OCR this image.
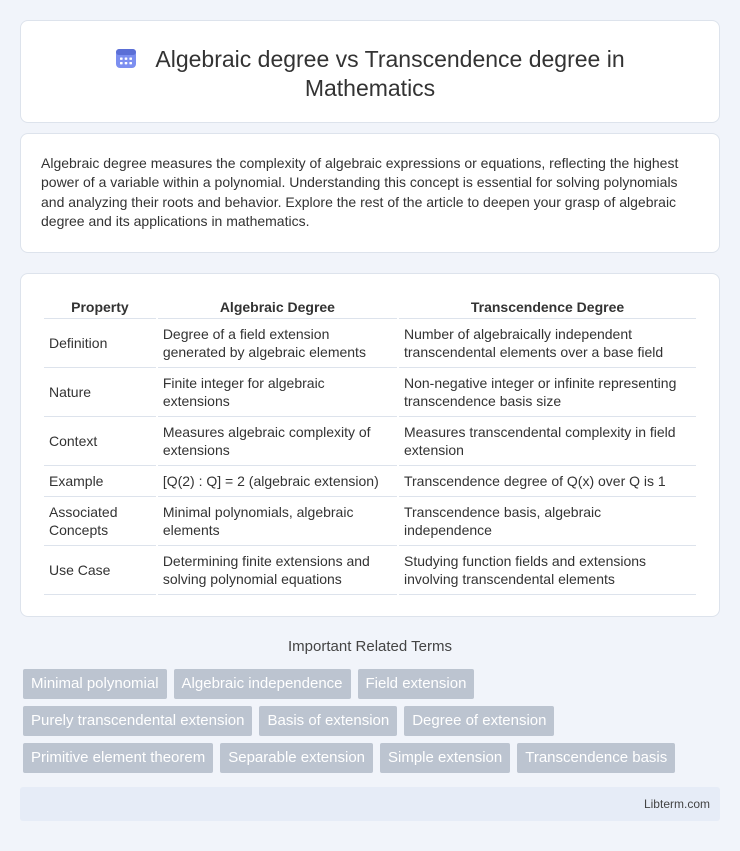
Algebraic degree vs Transcendence degree in
Mathematics

Algebraic degree measures the complexity of algebraic expressions or equations, reflecting the highest power of a variable within a polynomial. Understanding this concept is essential for solving polynomials and analyzing their roots and behavior. Explore the rest of the article to deepen your grasp of algebraic degree and its applications in mathematics.

Property	Algebraic Degree	Transcendence Degree
Definition	Degree of a field extension generated by algebraic elements	Number of algebraically independent transcendental elements over a base field
Nature	Finite integer for algebraic extensions	Non-negative integer or infinite representing transcendence basis size
Context	Measures algebraic complexity of extensions	Measures transcendental complexity in field extension
Example	[Q(2) : Q] = 2 (algebraic extension)	Transcendence degree of Q(x) over Q is 1
Associated Concepts	Minimal polynomials, algebraic elements	Transcendence basis, algebraic independence
Use Case	Determining finite extensions and solving polynomial equations	Studying function fields and extensions involving transcendental elements
Important Related Terms
Minimal polynomial	Algebraic independence	Field extension
Purely transcendental extension	Basis of extension	Degree of extension
Primitive element theorem	Separable extension	Simple extension	Transcendence basis
Libterm.com
